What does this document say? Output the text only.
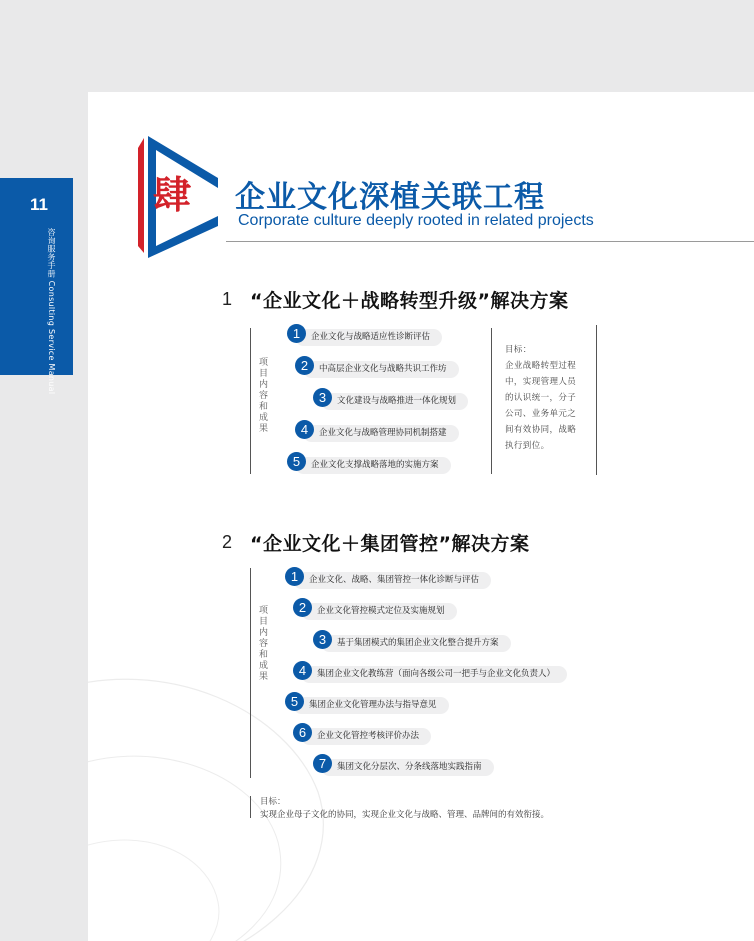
11
咨询服务手册 Consulting Service Manual
肆 企业文化深植关联工程
Corporate culture deeply rooted in related projects
1 “企业文化＋战略转型升级”解决方案
项目内容和成果
企业文化与战略适应性诊断评估
1
中高层企业文化与战略共识工作坊
2
文化建设与战略推进一体化规划
3
企业文化与战略管理协同机制搭建
4
企业文化支撑战略落地的实施方案
5
目标：
企业战略转型过程中，实现管理人员的认识统一，分子公司、业务单元之间有效协同，战略执行到位。
2 “企业文化＋集团管控”解决方案
项目内容和成果
企业文化、战略、集团管控一体化诊断与评估
1
企业文化管控模式定位及实施规划
2
基于集团模式的集团企业文化整合提升方案
3
集团企业文化教练营（面向各级公司一把手与企业文化负责人）
4
集团企业文化管理办法与指导意见
5
企业文化管控考核评价办法
6
集团文化分层次、分条线落地实践指南
7
目标：
实现企业母子文化的协同，实现企业文化与战略、管理、品牌间的有效衔接。
